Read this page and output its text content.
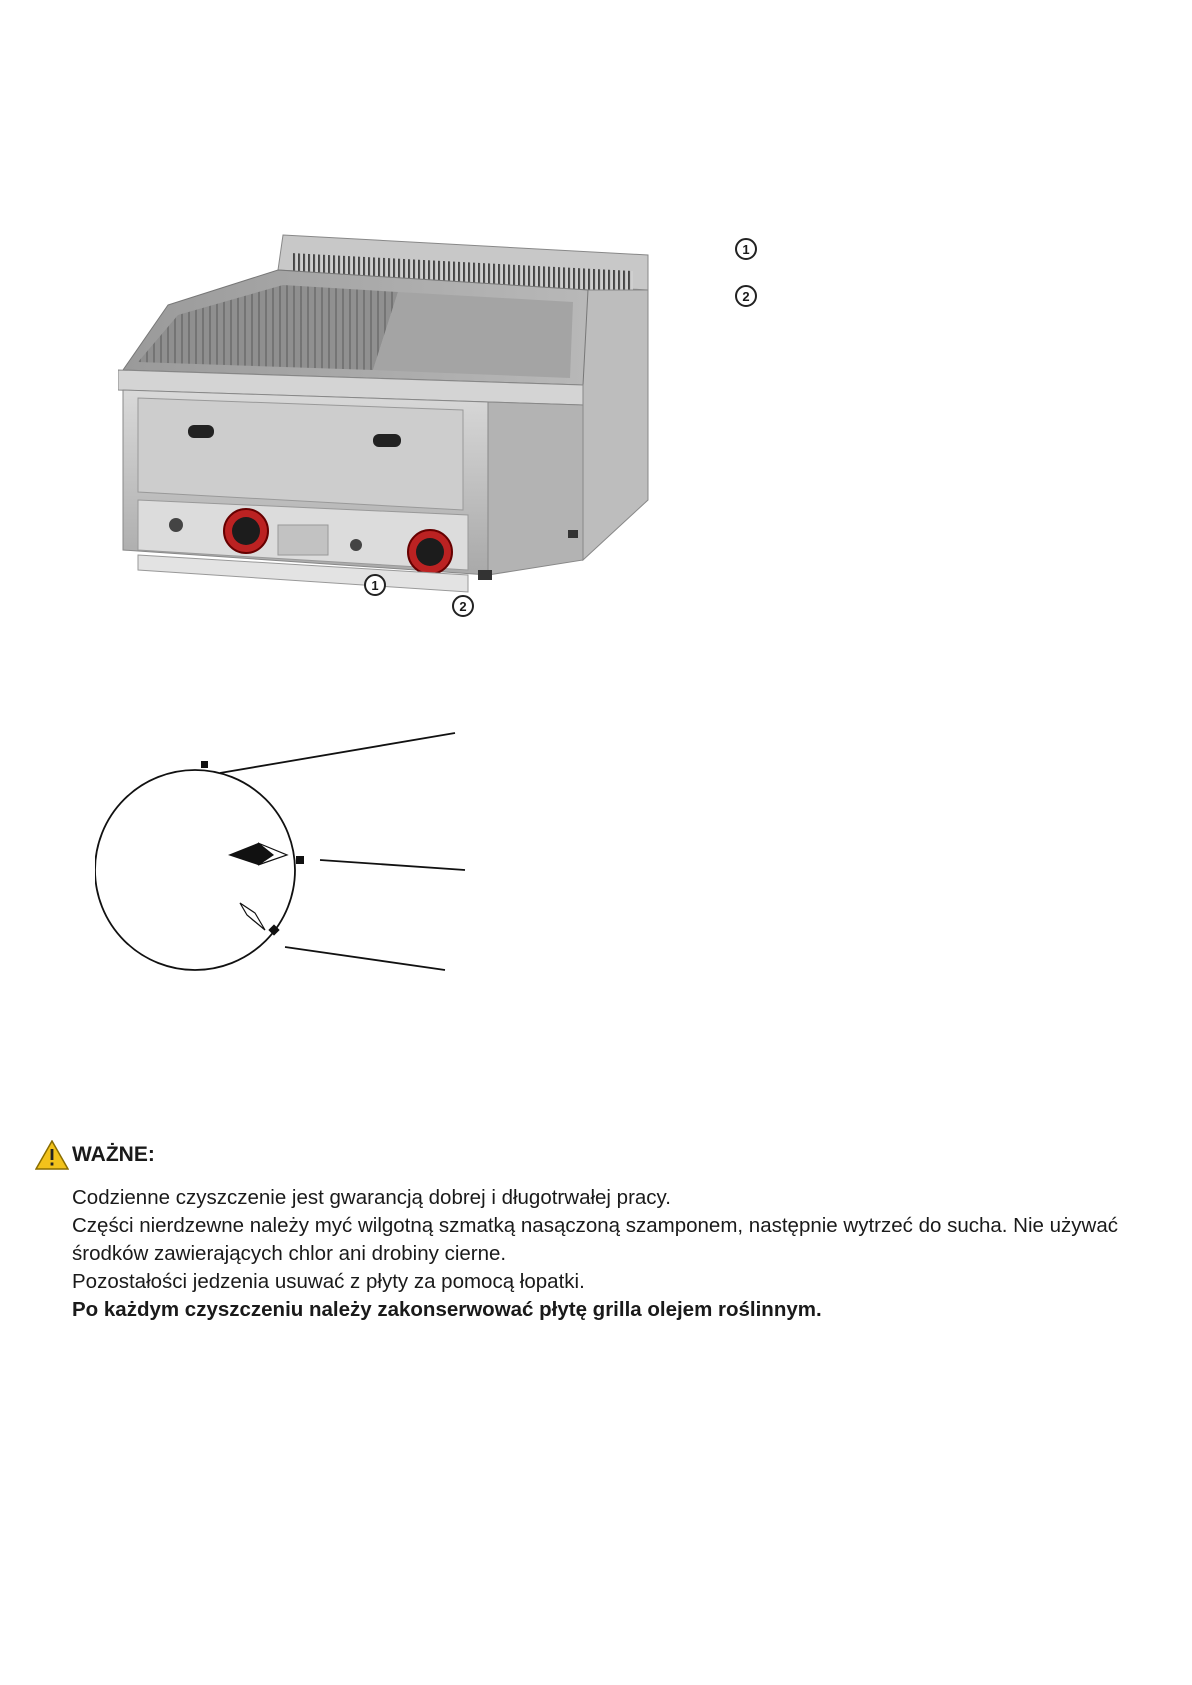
1
2
1
2
WAŻNE:

Codzienne czyszczenie jest gwarancją dobrej i długotrwałej pracy.

Części nierdzewne należy myć wilgotną szmatką nasączoną szamponem, następnie wytrzeć do sucha. Nie używać środków zawierających chlor ani drobiny cierne.

Pozostałości jedzenia usuwać z płyty za pomocą łopatki.

Po każdym czyszczeniu należy zakonserwować płytę grilla olejem roślinnym.
